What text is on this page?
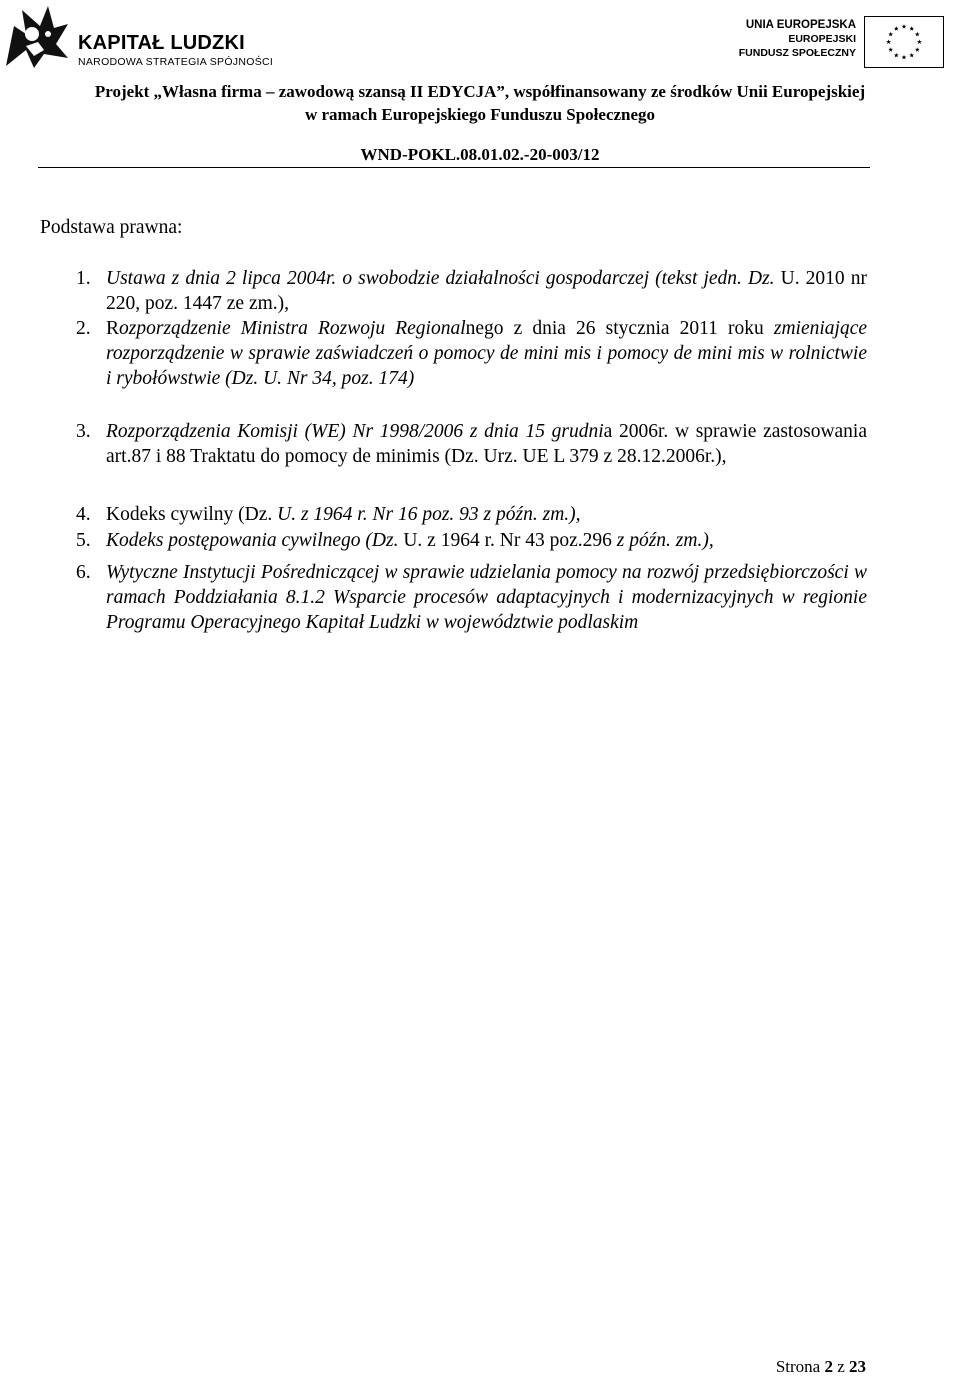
KAPITAŁ LUDZKI
NARODOWA STRATEGIA SPÓJNOŚCI
UNIA EUROPEJSKA
EUROPEJSKI
FUNDUSZ SPOŁECZNY
Projekt „Własna firma – zawodową szansą II EDYCJA”, współfinansowany ze środków Unii Europejskiej
w ramach Europejskiego Funduszu Społecznego
WND-POKL.08.01.02.-20-003/12
Podstawa prawna:
1. Ustawa z dnia 2 lipca 2004r. o swobodzie działalności gospodarczej (tekst jedn. Dz. U. 2010 nr 220, poz. 1447 ze zm.),
2. Rozporządzenie Ministra Rozwoju Regionalnego z dnia 26 stycznia 2011 roku zmieniające rozporządzenie w sprawie zaświadczeń o pomocy de mini mis i pomocy de mini mis w rolnictwie i rybołówstwie (Dz. U. Nr 34, poz. 174)
3. Rozporządzenia Komisji (WE) Nr 1998/2006 z dnia 15 grudnia 2006r. w sprawie zastosowania art.87 i 88 Traktatu do pomocy de minimis (Dz. Urz. UE L 379 z 28.12.2006r.),
4. Kodeks cywilny (Dz. U. z 1964 r. Nr 16 poz. 93 z późn. zm.),
5. Kodeks postępowania cywilnego (Dz. U. z 1964 r. Nr 43 poz.296 z późn. zm.),
6. Wytyczne Instytucji Pośredniczącej w sprawie udzielania pomocy na rozwój przedsiębiorczości w ramach Poddziałania 8.1.2 Wsparcie procesów adaptacyjnych i modernizacyjnych w regionie Programu Operacyjnego Kapitał Ludzki w województwie podlaskim
Strona 2 z 23
